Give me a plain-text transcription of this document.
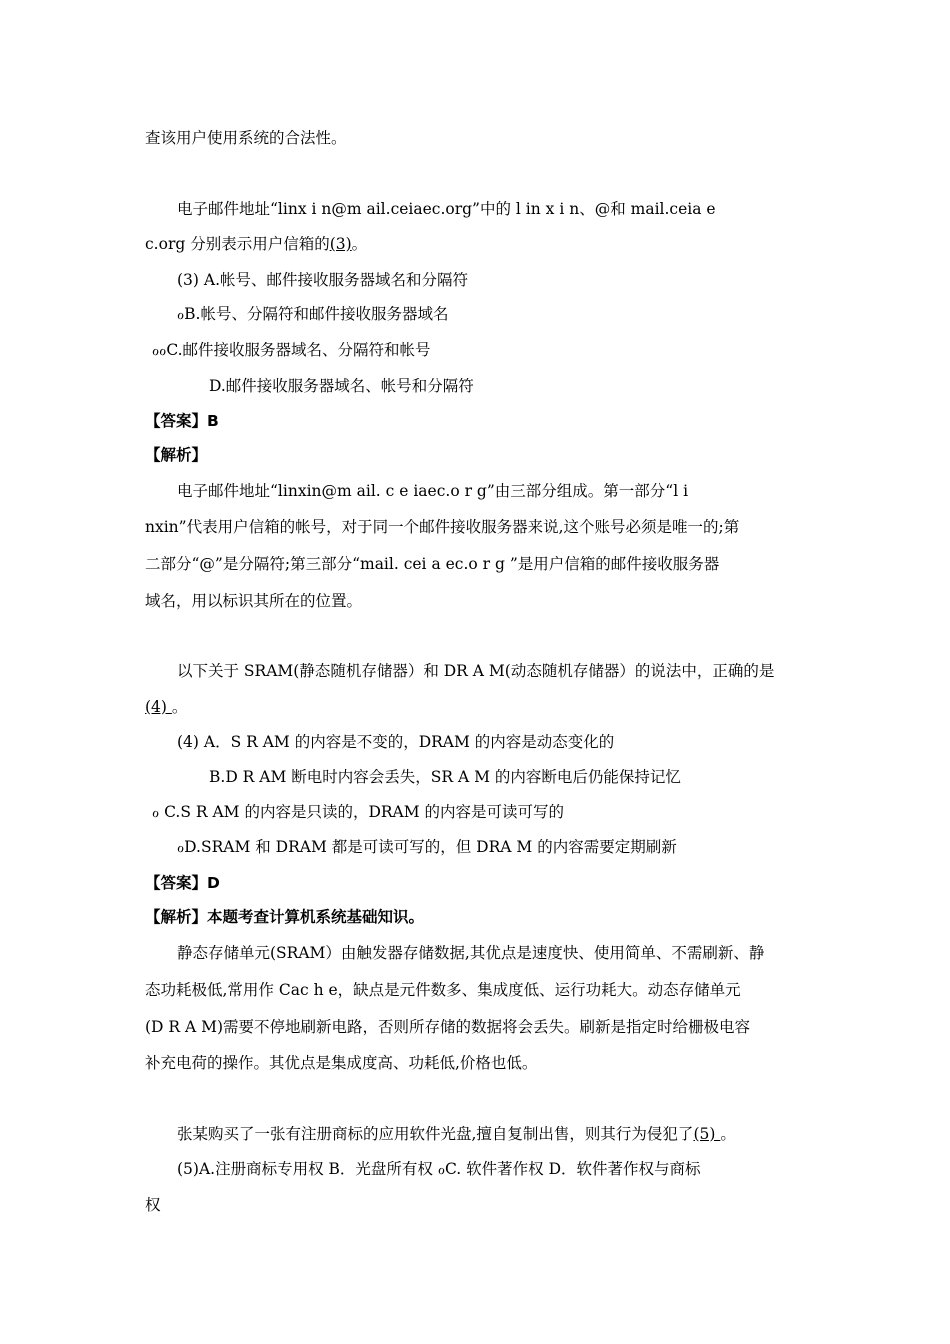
查该用户使用系统的合法性。
电子邮件地址“linx i n@m ail.ceiaec.org”中的 l in x i n、@和 mail.ceia e
c.org 分别表示用户信箱的(3)。
(3) A.帐号、邮件接收服务器域名和分隔符
ℴB.帐号、分隔符和邮件接收服务器域名
ℴℴC.邮件接收服务器域名、分隔符和帐号
D.邮件接收服务器域名、帐号和分隔符
【答案】B
【解析】
电子邮件地址“linxin@m ail. c e iaec.o r g”由三部分组成。第一部分“l i
nxin”代表用户信箱的帐号，对于同一个邮件接收服务器来说,这个账号必须是唯一的;第
二部分“@”是分隔符;第三部分“mail. cei a ec.o r g ”是用户信箱的邮件接收服务器
域名，用以标识其所在的位置。
以下关于 SRAM(静态随机存储器）和 DR A M(动态随机存储器）的说法中，正确的是
(4) 。
(4) A．S R AM 的内容是不变的，DRAM 的内容是动态变化的
B.D R AM 断电时内容会丢失，SR A M 的内容断电后仍能保持记忆
ℴ C.S R AM 的内容是只读的，DRAM 的内容是可读可写的
ℴD.SRAM 和 DRAM 都是可读可写的，但 DRA M 的内容需要定期刷新
【答案】D
【解析】本题考查计算机系统基础知识。
静态存储单元(SRAM）由触发器存储数据,其优点是速度快、使用简单、不需刷新、静
态功耗极低,常用作 Cac h e，缺点是元件数多、集成度低、运行功耗大。动态存储单元
(D R A M)需要不停地刷新电路，否则所存储的数据将会丢失。刷新是指定时给栅极电容
补充电荷的操作。其优点是集成度高、功耗低,价格也低。
张某购买了一张有注册商标的应用软件光盘,擅自复制出售，则其行为侵犯了(5) 。
(5)A.注册商标专用权 B．光盘所有权 ℴC. 软件著作权 D．软件著作权与商标
权
